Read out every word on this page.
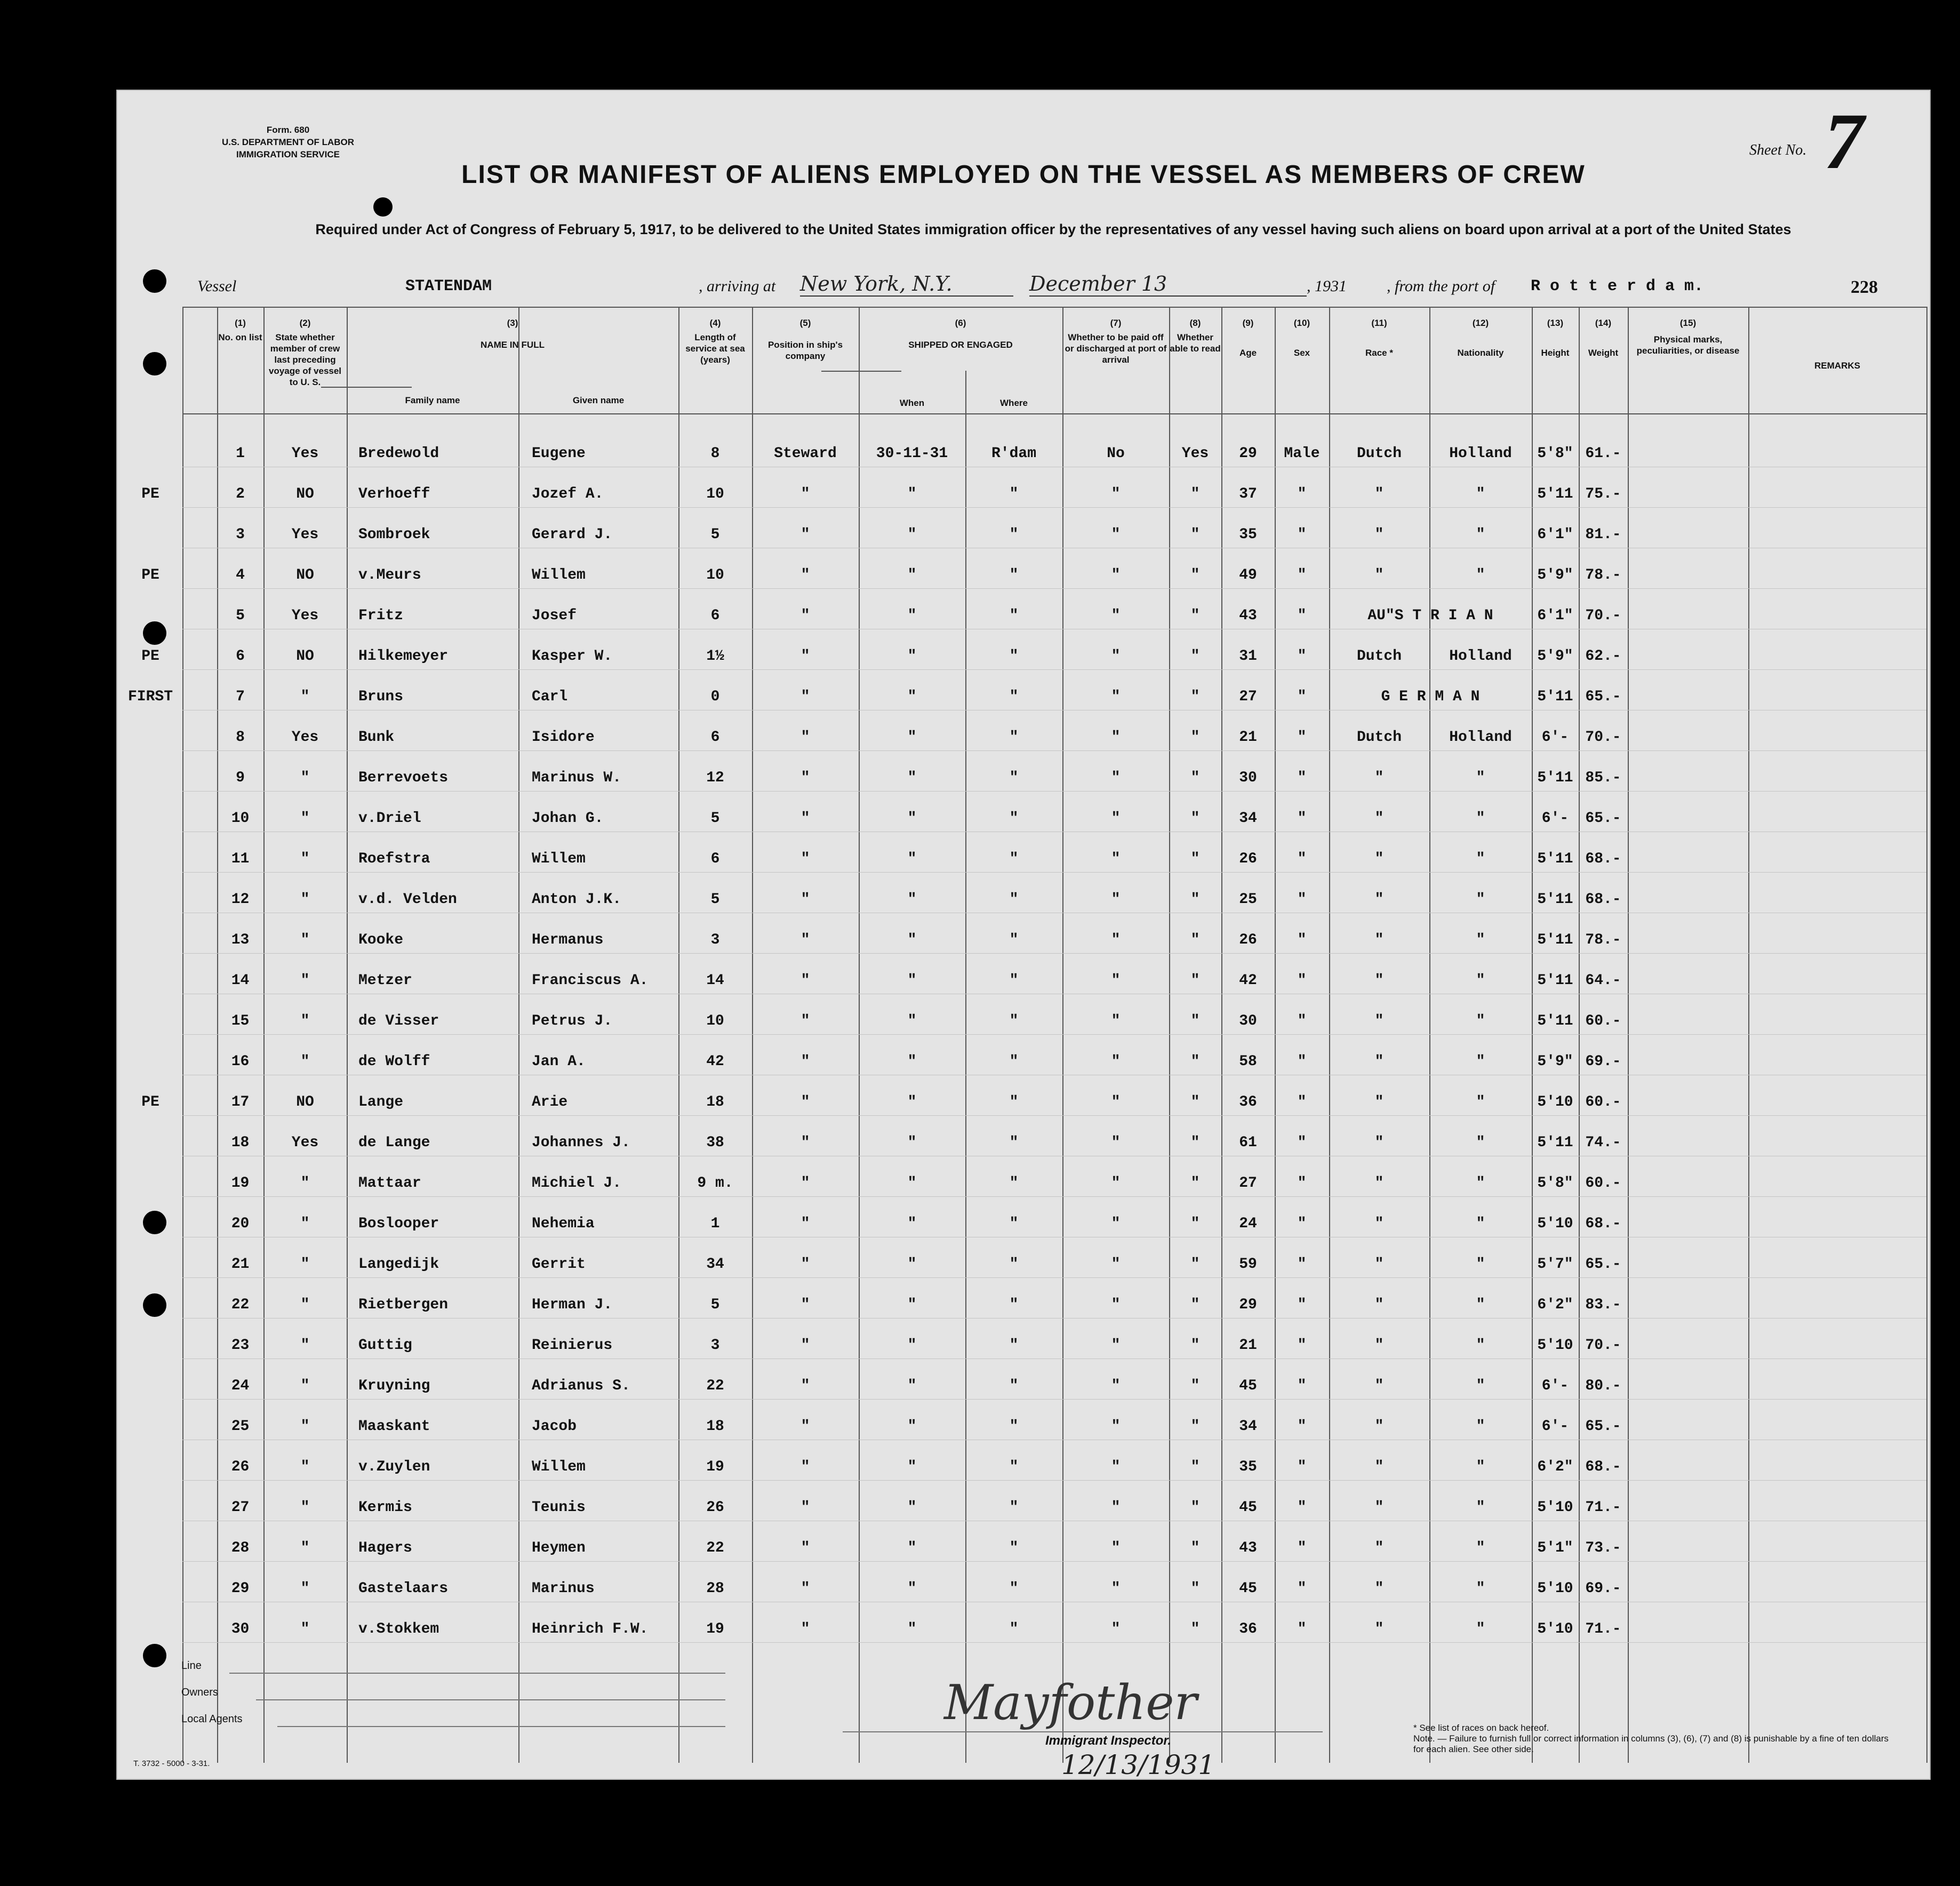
Form. 680
U.S. DEPARTMENT OF LABOR
IMMIGRATION SERVICE	Sheet No. 7
LIST OR MANIFEST OF ALIENS EMPLOYED ON THE VESSEL AS MEMBERS OF CREW
Required under Act of Congress of February 5, 1917, to be delivered to the United States immigration officer by the representatives of any vessel having such aliens on board upon arrival at a port of the United States
Vessel	STATENDAM	, arriving at New York, N.Y.	December 13	, 1931	, from the port of R o t t e r d a m.	228
(1)
No. on list
(2)
State whether member of crew last preceding voyage of vessel to U. S.
(3)
NAME IN FULL
Family name	Given name
(4)
Length of service at sea (years)
(5)
Position in ship's company
(6)
SHIPPED OR ENGAGED
When	Where
(7)
Whether to be paid off or discharged at port of arrival
(8)
Whether able to read
(9)
Age
(10)
Sex
(11)
Race *
(12)
Nationality
(13)
Height
(14)
Weight
(15)
Physical marks, peculiarities, or disease
REMARKS
1	Yes	Bredewold	Eugene	8	Steward	30-11-31	R'dam	No	Yes	29	Male	Dutch	Holland	5'8" 61.-
PE	2	NO	Verhoeff	Jozef A.	10	"	"	"	"	"	37	"	"	"	5'11 75.-
3	Yes	Sombroek	Gerard J.	5	"	"	"	"	"	35	"	"	"	6'1" 81.-
PE	4	NO	v.Meurs	Willem	10	"	"	"	"	"	49	"	"	"	5'9" 78.-
5	Yes	Fritz	Josef	6	"	"	"	"	"	43	"	AU"S T R I A N	6'1" 70.-
PE	6	NO	Hilkemeyer	Kasper W.	1½	"	"	"	"	"	31	"	Dutch	Holland	5'9" 62.-
FIRST	7	"	Bruns	Carl	0	"	"	"	"	"	27	"	G E R M A N	5'11 65.-
8	Yes	Bunk	Isidore	6	"	"	"	"	"	21	"	Dutch	Holland	6'-	70.-
9	"	Berrevoets	Marinus W.	12	"	"	"	"	"	30	"	"	"	5'11 85.-
10	"	v.Driel	Johan G.	5	"	"	"	"	"	34	"	"	"	6'-	65.-
11	"	Roefstra	Willem	6	"	"	"	"	"	26	"	"	"	5'11 68.-
12	"	v.d. Velden	Anton J.K.	5	"	"	"	"	"	25	"	"	"	5'11 68.-
13	"	Kooke	Hermanus	3	"	"	"	"	"	26	"	"	"	5'11 78.-
14	"	Metzer	Franciscus A.	14	"	"	"	"	"	42	"	"	"	5'11 64.-
15	"	de Visser	Petrus J.	10	"	"	"	"	"	30	"	"	"	5'11 60.-
16	"	de Wolff	Jan A.	42	"	"	"	"	"	58	"	"	"	5'9" 69.-
PE	17	NO	Lange	Arie	18	"	"	"	"	"	36	"	"	"	5'10 60.-
18	Yes	de Lange	Johannes J.	38	"	"	"	"	"	61	"	"	"	5'11 74.-
19	"	Mattaar	Michiel J.	9 m.	"	"	"	"	"	27	"	"	"	5'8" 60.-
20	"	Boslooper	Nehemia	1	"	"	"	"	"	24	"	"	"	5'10 68.-
21	"	Langedijk	Gerrit	34	"	"	"	"	"	59	"	"	"	5'7" 65.-
22	"	Rietbergen	Herman J.	5	"	"	"	"	"	29	"	"	"	6'2" 83.-
23	"	Guttig	Reinierus	3	"	"	"	"	"	21	"	"	"	5'10 70.-
24	"	Kruyning	Adrianus S.	22	"	"	"	"	"	45	"	"	"	6'-	80.-
25	"	Maaskant	Jacob	18	"	"	"	"	"	34	"	"	"	6'-	65.-
26	"	v.Zuylen	Willem	19	"	"	"	"	"	35	"	"	"	6'2" 68.-
27	"	Kermis	Teunis	26	"	"	"	"	"	45	"	"	"	5'10 71.-
28	"	Hagers	Heymen	22	"	"	"	"	"	43	"	"	"	5'1" 73.-
29	"	Gastelaars	Marinus	28	"	"	"	"	"	45	"	"	"	5'10 69.-
30	"	v.Stokkem	Heinrich F.W.	19	"	"	"	"	"	36	"	"	"	5'10 71.-
Line
Owners
Local Agents	Mayfother
Immigrant Inspector.
12/13/1931
* See list of races on back hereof.
Note. — Failure to furnish full or correct information in columns (3), (6), (7) and (8) is punishable by a fine of ten dollars for each alien. See other side.
T. 3732 - 5000 - 3-31.
